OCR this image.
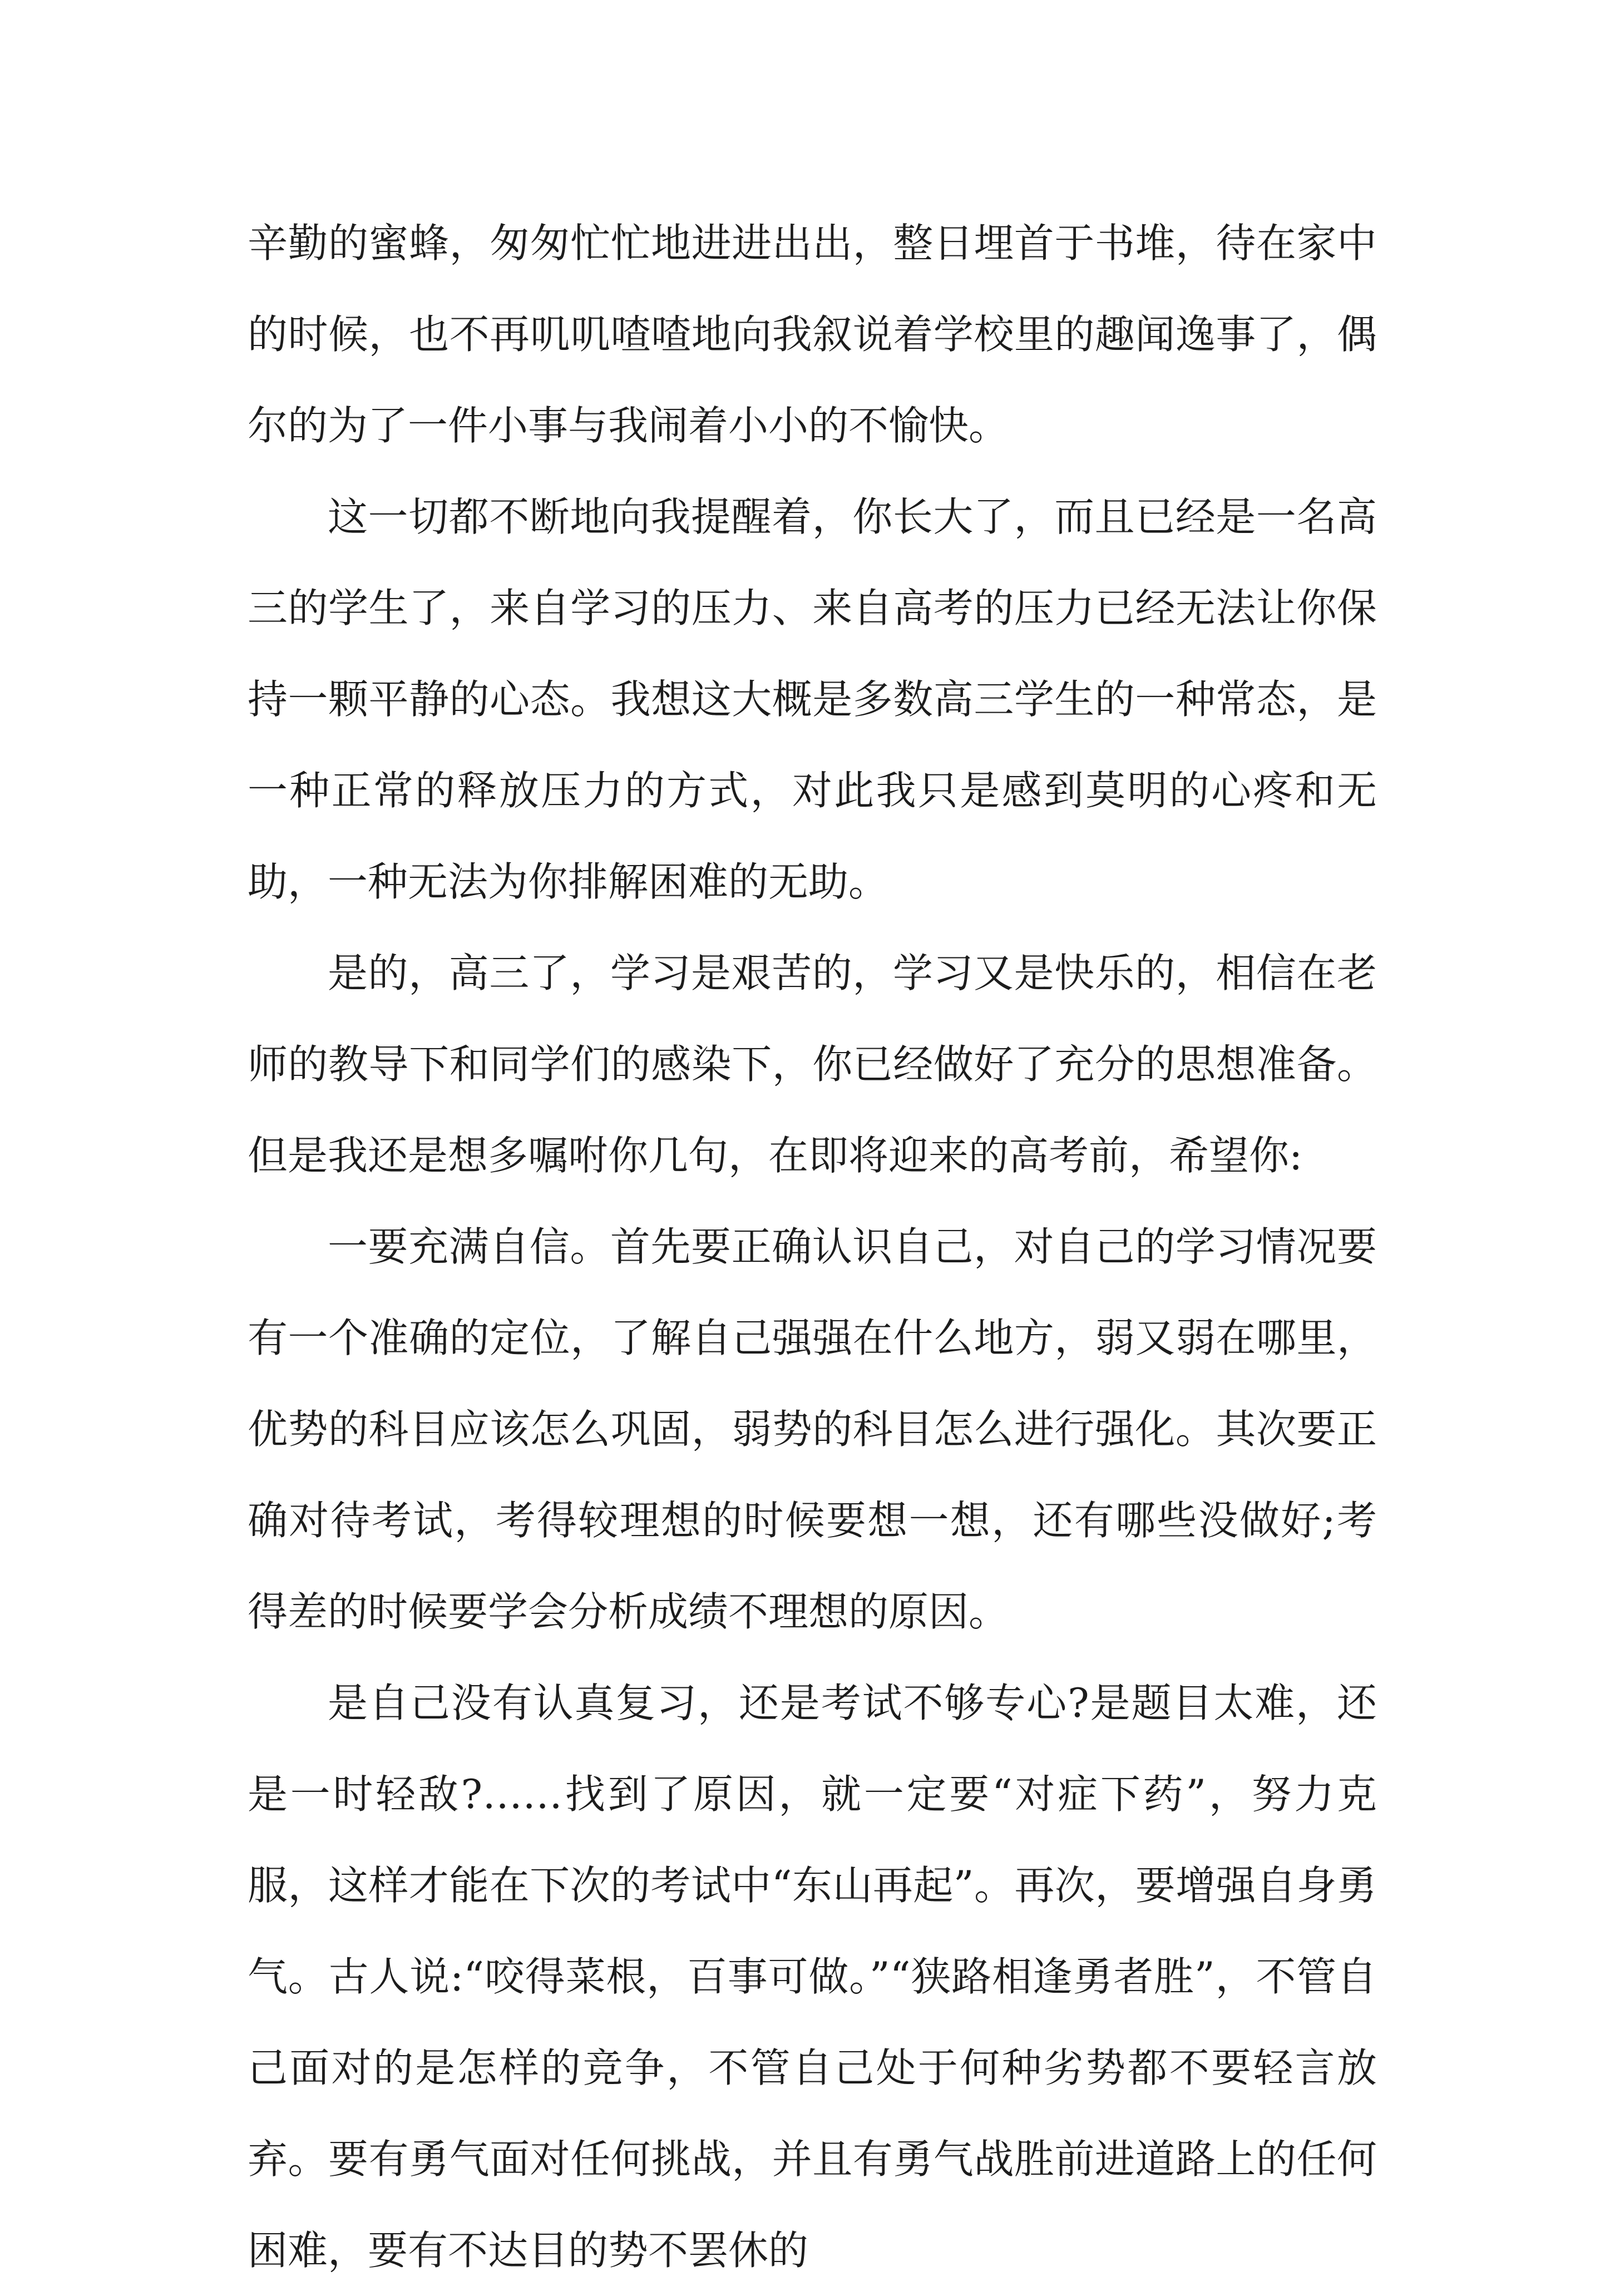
辛勤的蜜蜂，匆匆忙忙地进进出出，整日埋首于书堆，待在家中的时候，也不再叽叽喳喳地向我叙说着学校里的趣闻逸事了，偶尔的为了一件小事与我闹着小小的不愉快。

这一切都不断地向我提醒着，你长大了，而且已经是一名高三的学生了，来自学习的压力、来自高考的压力已经无法让你保持一颗平静的心态。我想这大概是多数高三学生的一种常态，是一种正常的释放压力的方式，对此我只是感到莫明的心疼和无助，一种无法为你排解困难的无助。

是的，高三了，学习是艰苦的，学习又是快乐的，相信在老师的教导下和同学们的感染下，你已经做好了充分的思想准备。但是我还是想多嘱咐你几句，在即将迎来的高考前，希望你:

一要充满自信。首先要正确认识自己，对自己的学习情况要有一个准确的定位，了解自己强强在什么地方，弱又弱在哪里，优势的科目应该怎么巩固，弱势的科目怎么进行强化。其次要正确对待考试，考得较理想的时候要想一想，还有哪些没做好;考得差的时候要学会分析成绩不理想的原因。

是自己没有认真复习，还是考试不够专心?是题目太难，还是一时轻敌?……找到了原因，就一定要“对症下药”，努力克服，这样才能在下次的考试中“东山再起”。再次，要增强自身勇气。古人说:“咬得菜根，百事可做。”“狭路相逢勇者胜”，不管自己面对的是怎样的竞争，不管自己处于何种劣势都不要轻言放弃。要有勇气面对任何挑战，并且有勇气战胜前进道路上的任何困难，要有不达目的势不罢休的
